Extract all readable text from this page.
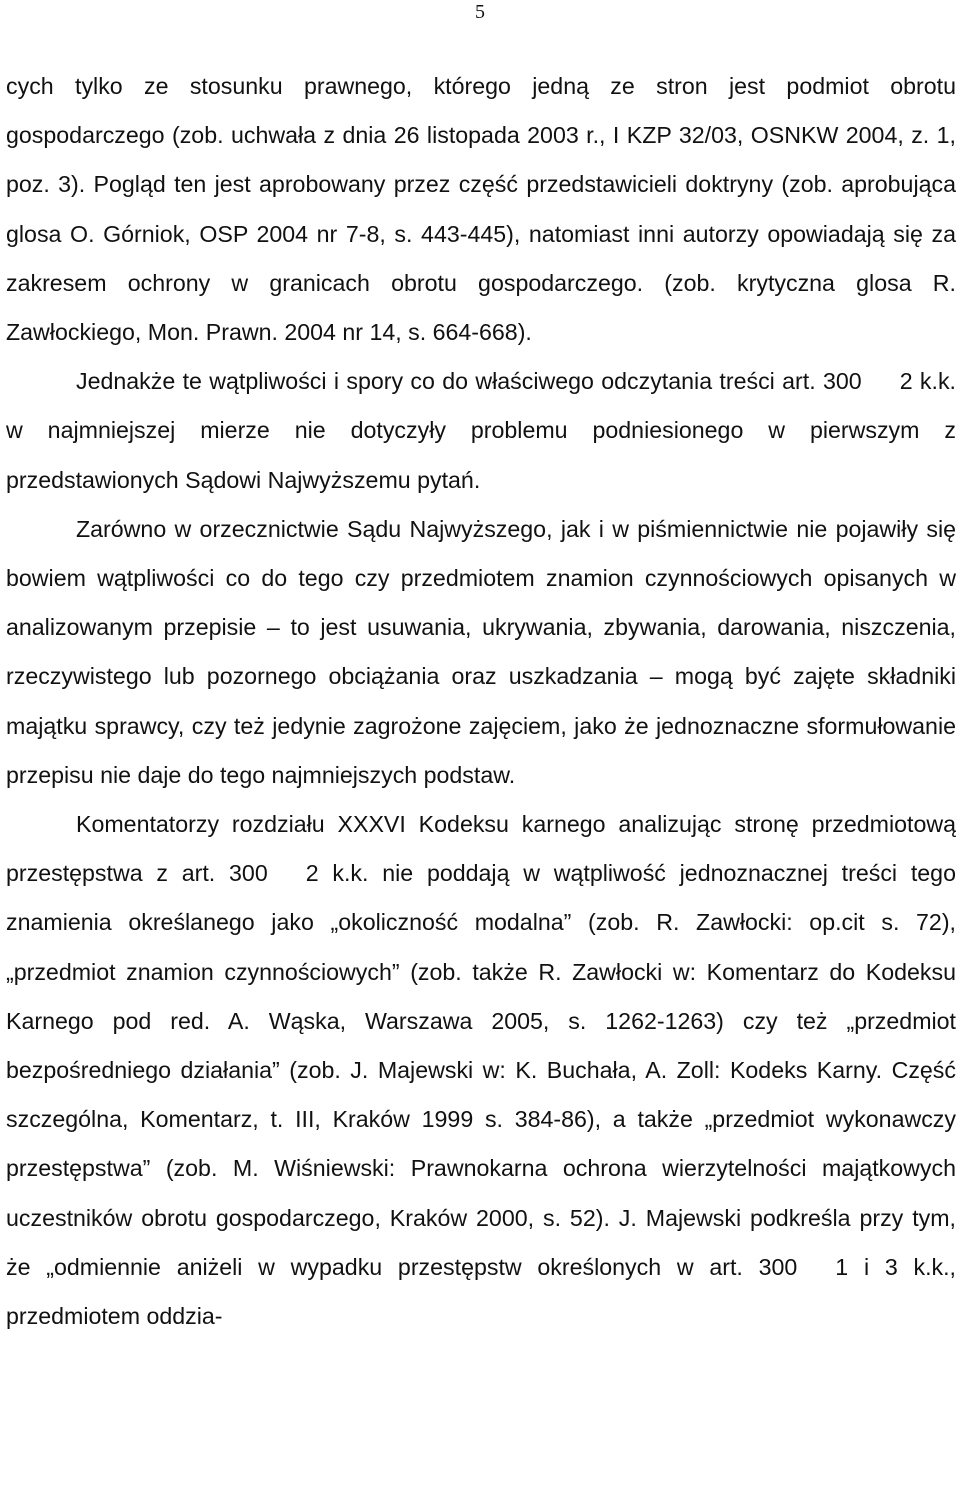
5

cych tylko ze stosunku prawnego, którego jedną ze stron jest podmiot obrotu gospodarczego (zob. uchwała z dnia 26 listopada 2003 r., I KZP 32/03, OSNKW 2004, z. 1, poz. 3). Pogląd ten jest aprobowany przez część przedstawicieli doktryny (zob. aprobująca glosa O. Górniok, OSP 2004 nr 7-8, s. 443-445), natomiast inni autorzy opowiadają się za zakresem ochrony w granicach obrotu gospodarczego. (zob. krytyczna glosa R. Zawłockiego, Mon. Prawn. 2004 nr 14, s. 664-668).

Jednakże te wątpliwości i spory co do właściwego odczytania treści art. 300 2 k.k. w najmniejszej mierze nie dotyczyły problemu podniesionego w pierwszym z przedstawionych Sądowi Najwyższemu pytań.

Zarówno w orzecznictwie Sądu Najwyższego, jak i w piśmiennictwie nie pojawiły się bowiem wątpliwości co do tego czy przedmiotem znamion czynnościowych opisanych w analizowanym przepisie – to jest usuwania, ukrywania, zbywania, darowania, niszczenia, rzeczywistego lub pozornego obciążania oraz uszkadzania – mogą być zajęte składniki majątku sprawcy, czy też jedynie zagrożone zajęciem, jako że jednoznaczne sformułowanie przepisu nie daje do tego najmniejszych podstaw.

Komentatorzy rozdziału XXXVI Kodeksu karnego analizując stronę przedmiotową przestępstwa z art. 300 2 k.k. nie poddają w wątpliwość jednoznacznej treści tego znamienia określanego jako „okoliczność modalna” (zob. R. Zawłocki: op.cit s. 72), „przedmiot znamion czynnościowych” (zob. także R. Zawłocki w: Komentarz do Kodeksu Karnego pod red. A. Wąska, Warszawa 2005, s. 1262-1263) czy też „przedmiot bezpośredniego działania” (zob. J. Majewski w: K. Buchała, A. Zoll: Kodeks Karny. Część szczególna, Komentarz, t. III, Kraków 1999 s. 384-86), a także „przedmiot wykonawczy przestępstwa” (zob. M. Wiśniewski: Prawnokarna ochrona wierzytelności majątkowych uczestników obrotu gospodarczego, Kraków 2000, s. 52). J. Majewski podkreśla przy tym, że „odmiennie aniżeli w wypadku przestępstw określonych w art. 300 1 i 3 k.k., przedmiotem oddzia-
